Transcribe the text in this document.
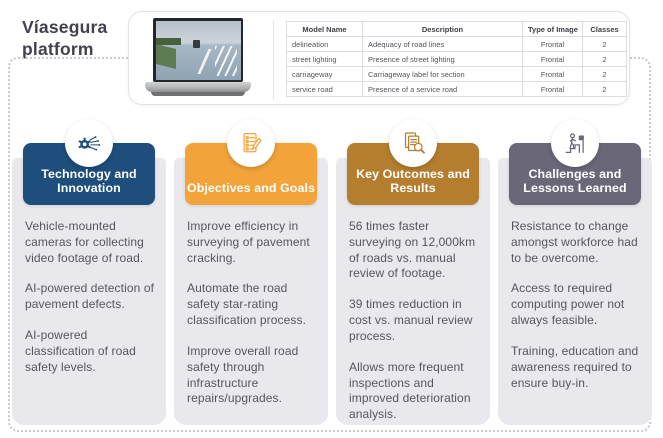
Víasegura
platform
Model Name	Description	Type of Image	Classes
delineation	Adequacy of road lines	Frontal	2
street lighting	Presence of street lighting	Frontal	2
carriageway	Carriageway label for section	Frontal	2
service road	Presence of a service road	Frontal	2

Vehicle-mounted cameras for collecting video footage of road.

AI-powered detection of pavement defects.

AI-powered classification of road safety levels.

Improve efficiency in surveying of pavement cracking.

Automate the road safety star-rating classification process.

Improve overall road safety through infrastructure repairs/upgrades.

56 times faster surveying on 12,000km of roads vs. manual review of footage.

39 times reduction in cost vs. manual review process.

Allows more frequent inspections and improved deterioration analysis.

Resistance to change amongst workforce had to be overcome.

Access to required computing power not always feasible.

Training, education and awareness required to ensure buy-in.

Technology and Innovation	Objectives and Goals
Key Outcomes and Results
Challenges and Lessons Learned
